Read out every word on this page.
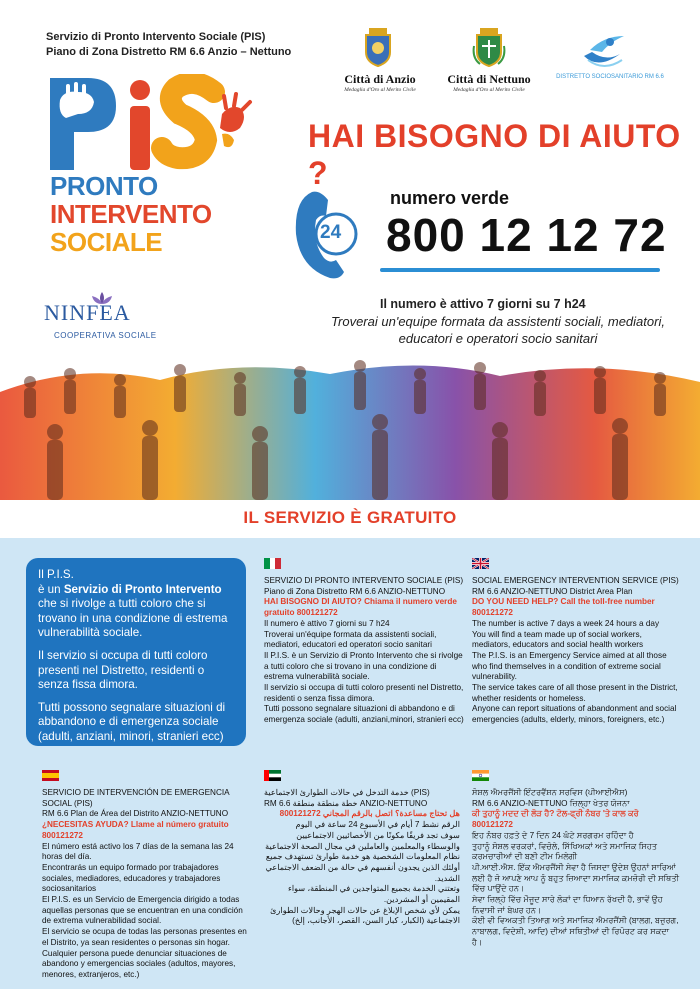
Servizio di Pronto Intervento Sociale (PIS)
Piano di Zona Distretto RM 6.6 Anzio – Nettuno
Città di Anzio
Medaglia d'Oro al Merito Civile
Città di Nettuno
Medaglia d'Oro al Merito Civile
DISTRETTO SOCIOSANITARIO RM 6.6
PRONTO
INTERVENTO
SOCIALE
NINFEA
COOPERATIVA SOCIALE
HAI BISOGNO DI AIUTO ?
24
numero verde
800 12 12 72
Il numero è attivo 7 giorni su 7 h24
Troverai un'equipe formata da assistenti sociali, mediatori, educatori e operatori socio sanitari
IL SERVIZIO È GRATUITO

Il P.I.S.
è un Servizio di Pronto Intervento che si rivolge a tutti coloro che si trovano in una condizione di estrema vulnerabilità sociale.

Il servizio si occupa di tutti coloro presenti nel Distretto, residenti o senza fissa dimora.

Tutti possono segnalare situazioni di abbandono e di emergenza sociale (adulti, anziani, minori, stranieri ecc)

SERVIZIO DI PRONTO INTERVENTO SOCIALE (PIS)
Piano di Zona Distretto RM 6.6 ANZIO-NETTUNO
HAI BISOGNO DI AIUTO? Chiama il numero verde gratuito 800121272
Il numero è attivo 7 giorni su 7 h24
Troverai un'équipe formata da assistenti sociali, mediatori, educatori ed operatori socio sanitari
Il P.I.S. è un Servizio di Pronto Intervento che si rivolge a tutti coloro che si trovano in una condizione di estrema vulnerabilità sociale.
Il servizio si occupa di tutti coloro presenti nel Distretto, residenti o senza fissa dimora.
Tutti possono segnalare situazioni di abbandono e di emergenza sociale (adulti, anziani,minori, stranieri ecc)
SOCIAL EMERGENCY INTERVENTION SERVICE (PIS)
RM 6.6 ANZIO-NETTUNO District Area Plan
DO YOU NEED HELP? Call the toll-free number 800121272
The number is active 7 days a week 24 hours a day
You will find a team made up of social workers, mediators, educators and social health workers
The P.I.S. is an Emergency Service aimed at all those who find themselves in a condition of extreme social vulnerability.
The service takes care of all those present in the District, whether residents or homeless.
Anyone can report situations of abandonment and social emergencies (adults, elderly, minors, foreigners, etc.)
SERVICIO DE INTERVENCIÓN DE EMERGENCIA SOCIAL (PIS)
RM 6.6 Plan de Área del Distrito ANZIO-NETTUNO
¿NECESITAS AYUDA? Llame al número gratuito 800121272
El número está activo los 7 días de la semana las 24 horas del día.
Encontrarás un equipo formado por trabajadores sociales, mediadores, educadores y trabajadores sociosanitarios
El P.I.S. es un Servicio de Emergencia dirigido a todas aquellas personas que se encuentran en una condición de extrema vulnerabilidad social.
El servicio se ocupa de todas las personas presentes en el Distrito, ya sean residentes o personas sin hogar.
Cualquier persona puede denunciar situaciones de abandono y emergencias sociales (adultos, mayores, menores, extranjeros, etc.)
خدمة التدخل في حالات الطوارئ الاجتماعية (PIS)
RM 6.6 خطة منطقة منطقة ANZIO-NETTUNO
هل تحتاج مساعدة؟ اتصل بالرقم المجاني 800121272
الرقم نشط 7 أيام في الأسبوع 24 ساعة في اليوم
سوف تجد فريقًا مكونًا من الأخصائيين الاجتماعيين والوسطاء والمعلمين والعاملين في مجال الصحة الاجتماعية
نظام المعلومات الشخصية هو خدمة طوارئ تستهدف جميع أولئك الذين يجدون أنفسهم في حالة من الضعف الاجتماعي الشديد.
وتعتني الخدمة بجميع المتواجدين في المنطقة، سواء المقيمين أو المشردين.
يمكن لأي شخص الإبلاغ عن حالات الهجر وحالات الطوارئ الاجتماعية (الكبار، كبار السن، القصر، الأجانب، إلخ)
ਸੋਸ਼ਲ ਐਮਰਜੈਂਸੀ ਇੰਟਰਵੈਂਸ਼ਨ ਸਰਵਿਸ (ਪੀਆਈਐਸ)
RM 6.6 ANZIO-NETTUNO ਜ਼ਿਲ੍ਹਾ ਖੇਤਰ ਯੋਜਨਾ
ਕੀ ਤੁਹਾਨੂੰ ਮਦਦ ਦੀ ਲੋੜ ਹੈ? ਟੋਲ-ਫ੍ਰੀ ਨੰਬਰ 'ਤੇ ਕਾਲ ਕਰੋ 800121272
ਇਹ ਨੰਬਰ ਹਫ਼ਤੇ ਦੇ 7 ਦਿਨ 24 ਘੰਟੇ ਸਰਗਰਮ ਰਹਿੰਦਾ ਹੈ
ਤੁਹਾਨੂੰ ਸੋਸ਼ਲ ਵਰਕਰਾਂ, ਵਿਚੋਲੇ, ਸਿੱਖਿਅਕਾਂ ਅਤੇ ਸਮਾਜਿਕ ਸਿਹਤ ਕਰਮਚਾਰੀਆਂ ਦੀ ਬਣੀ ਟੀਮ ਮਿਲੇਗੀ
ਪੀ.ਆਈ.ਐਸ. ਇੱਕ ਐਮਰਜੈਂਸੀ ਸੇਵਾ ਹੈ ਜਿਸਦਾ ਉਦੇਸ਼ ਉਹਨਾਂ ਸਾਰਿਆਂ ਲਈ ਹੈ ਜੋ ਆਪਣੇ ਆਪ ਨੂੰ ਬਹੁਤ ਜ਼ਿਆਦਾ ਸਮਾਜਿਕ ਕਮਜ਼ੋਰੀ ਦੀ ਸਥਿਤੀ ਵਿੱਚ ਪਾਉਂਦੇ ਹਨ।
ਸੇਵਾ ਜ਼ਿਲ੍ਹੇ ਵਿੱਚ ਮੌਜੂਦ ਸਾਰੇ ਲੋਕਾਂ ਦਾ ਧਿਆਨ ਰੱਖਦੀ ਹੈ, ਭਾਵੇਂ ਉਹ ਨਿਵਾਸੀ ਜਾਂ ਬੇਘਰ ਹਨ।
ਕੋਈ ਵੀ ਵਿਅਕਤੀ ਤਿਆਗ ਅਤੇ ਸਮਾਜਿਕ ਐਮਰਜੈਂਸੀ (ਬਾਲਗ, ਬਜ਼ੁਰਗ, ਨਾਬਾਲਗ, ਵਿਦੇਸ਼ੀ, ਆਦਿ) ਦੀਆਂ ਸਥਿਤੀਆਂ ਦੀ ਰਿਪੋਰਟ ਕਰ ਸਕਦਾ ਹੈ।
